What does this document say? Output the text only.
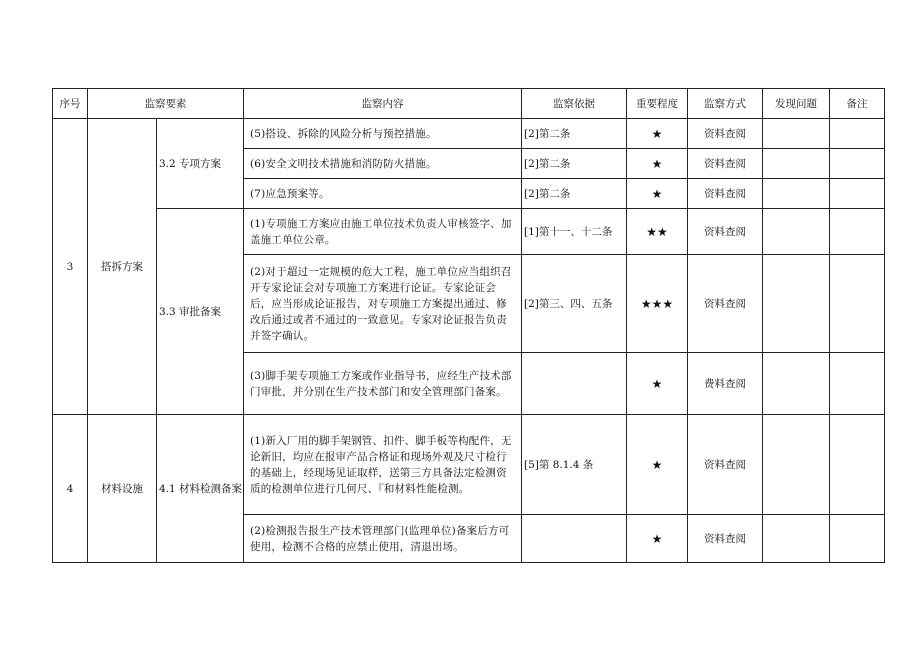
序号	监察要素		监察内容	监察依据	重要程度	监察方式	发现问题	备注
3	搭拆方案	3.2 专项方案	(5)搭设、拆除的风险分析与预控措施。	[2]第二条	★	资料查阅		
			(6)安全文明技术措施和消防防火措施。	[2]第二条	★	资料查阅		
			(7)应急预案等。	[2]第二条	★	资料查阅		
		3.3 审批备案	(1)专项施工方案应由施工单位技术负责人审核签字、加盖施工单位公章。	[1]第十一、十二条	★★	资料查阅		
			(2)对于超过一定规模的危大工程，施工单位应当组织召开专家论证会对专项施工方案进行论证。专家论证会后，应当形成论证报告，对专项施工方案提出通过、修改后通过或者不通过的一致意见。专家对论证报告负责并签字确认。	[2]第三、四、五条	★★★	资料查阅		
			(3)脚手架专项施工方案或作业指导书，应经生产技术部门审批，并分别在生产技术部门和安全管理部门备案。		★	费料查阅		
4	材料设施	4.1 材料检测备案	(1)新入厂用的脚手架钢管、扣件、脚手板等构配件，无论新旧，均应在报审产品合格证和现场外观及尺寸检行的基础上，经现场见证取样，送第三方具备法定检测资质的检测单位进行几何尺、『和材料性能检测。	[5]第 8.1.4 条	★	资料查阅		
			(2)检测报告报生产技术管理部门(监理单位)备案后方可使用，检测不合格的应禁止使用，清退出场。		★	资料查阅		
